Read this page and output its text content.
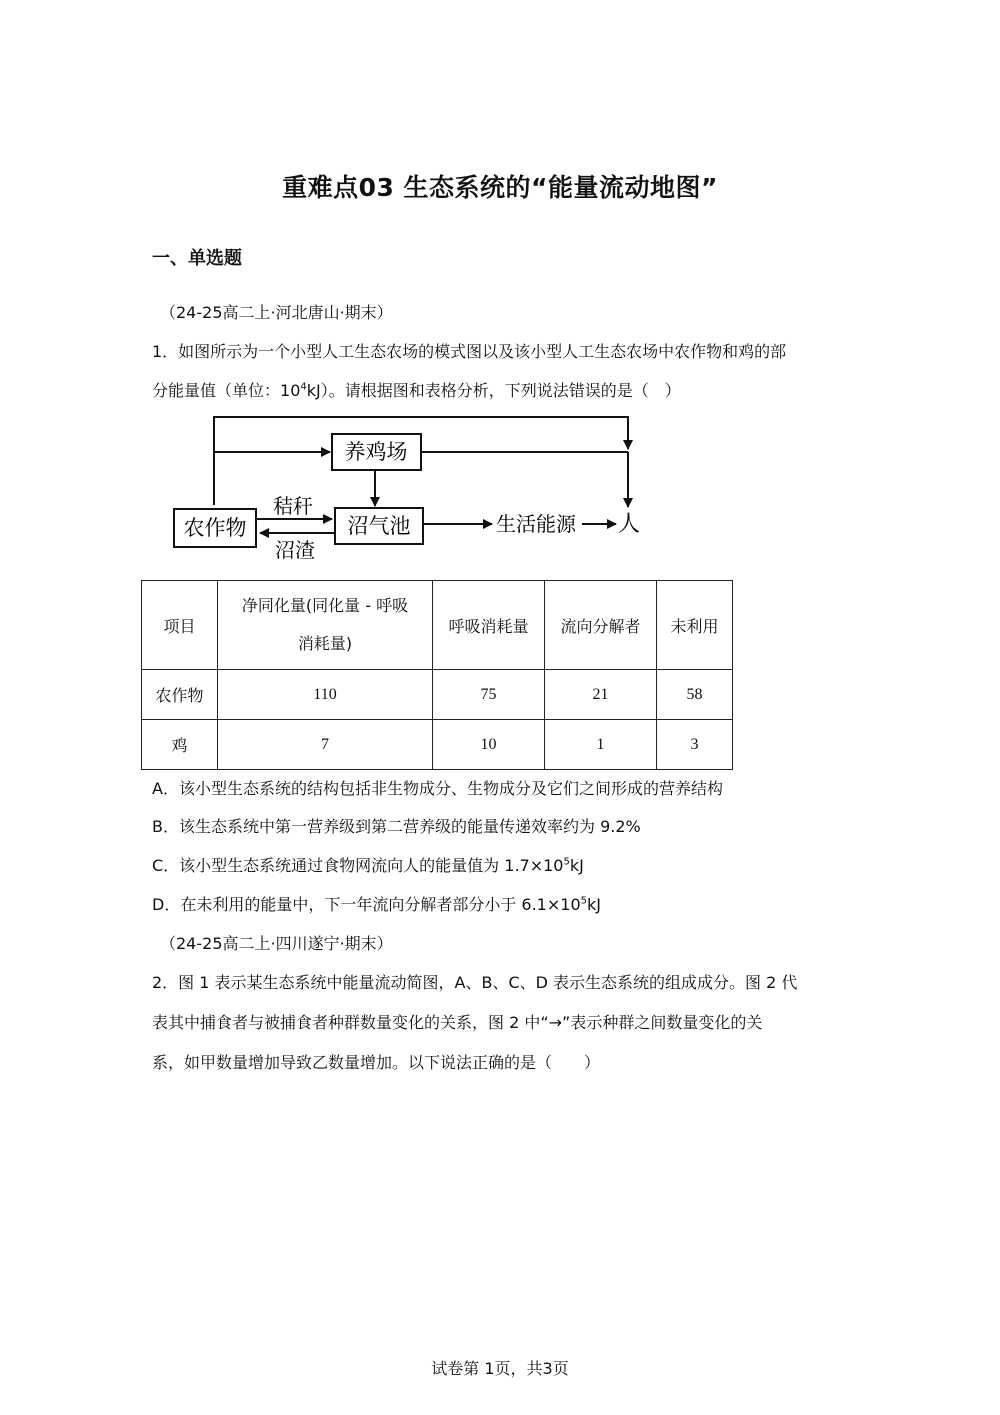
重难点03 生态系统的“能量流动地图”
一、单选题
（24-25高二上·河北唐山·期末）
1．如图所示为一个小型人工生态农场的模式图以及该小型人工生态农场中农作物和鸡的部
分能量值（单位：$10^4kJ$）。请根据图和表格分析，下列说法错误的是（　）
农作物
养鸡场
沼气池
秸秆
沼渣
生活能源 人
项目	净同化量(同化量 - 呼吸
消耗量)	呼吸消耗量	流向分解者	未利用
农作物	110	75	21	58
鸡	7	10	1	3
A．该小型生态系统的结构包括非生物成分、生物成分及它们之间形成的营养结构
B．该生态系统中第一营养级到第二营养级的能量传递效率约为 9.2%
C．该小型生态系统通过食物网流向人的能量值为 $1.7\times 10^5kJ$
D．在未利用的能量中，下一年流向分解者部分小于 $6.1\times 10^5kJ$
（24-25高二上·四川遂宁·期末）
2．图 1 表示某生态系统中能量流动简图，A、B、C、D 表示生态系统的组成成分。图 2 代
表其中捕食者与被捕食者种群数量变化的关系，图 2 中“→”表示种群之间数量变化的关
系，如甲数量增加导致乙数量增加。以下说法正确的是（　　）
试卷第 1页，共3页
